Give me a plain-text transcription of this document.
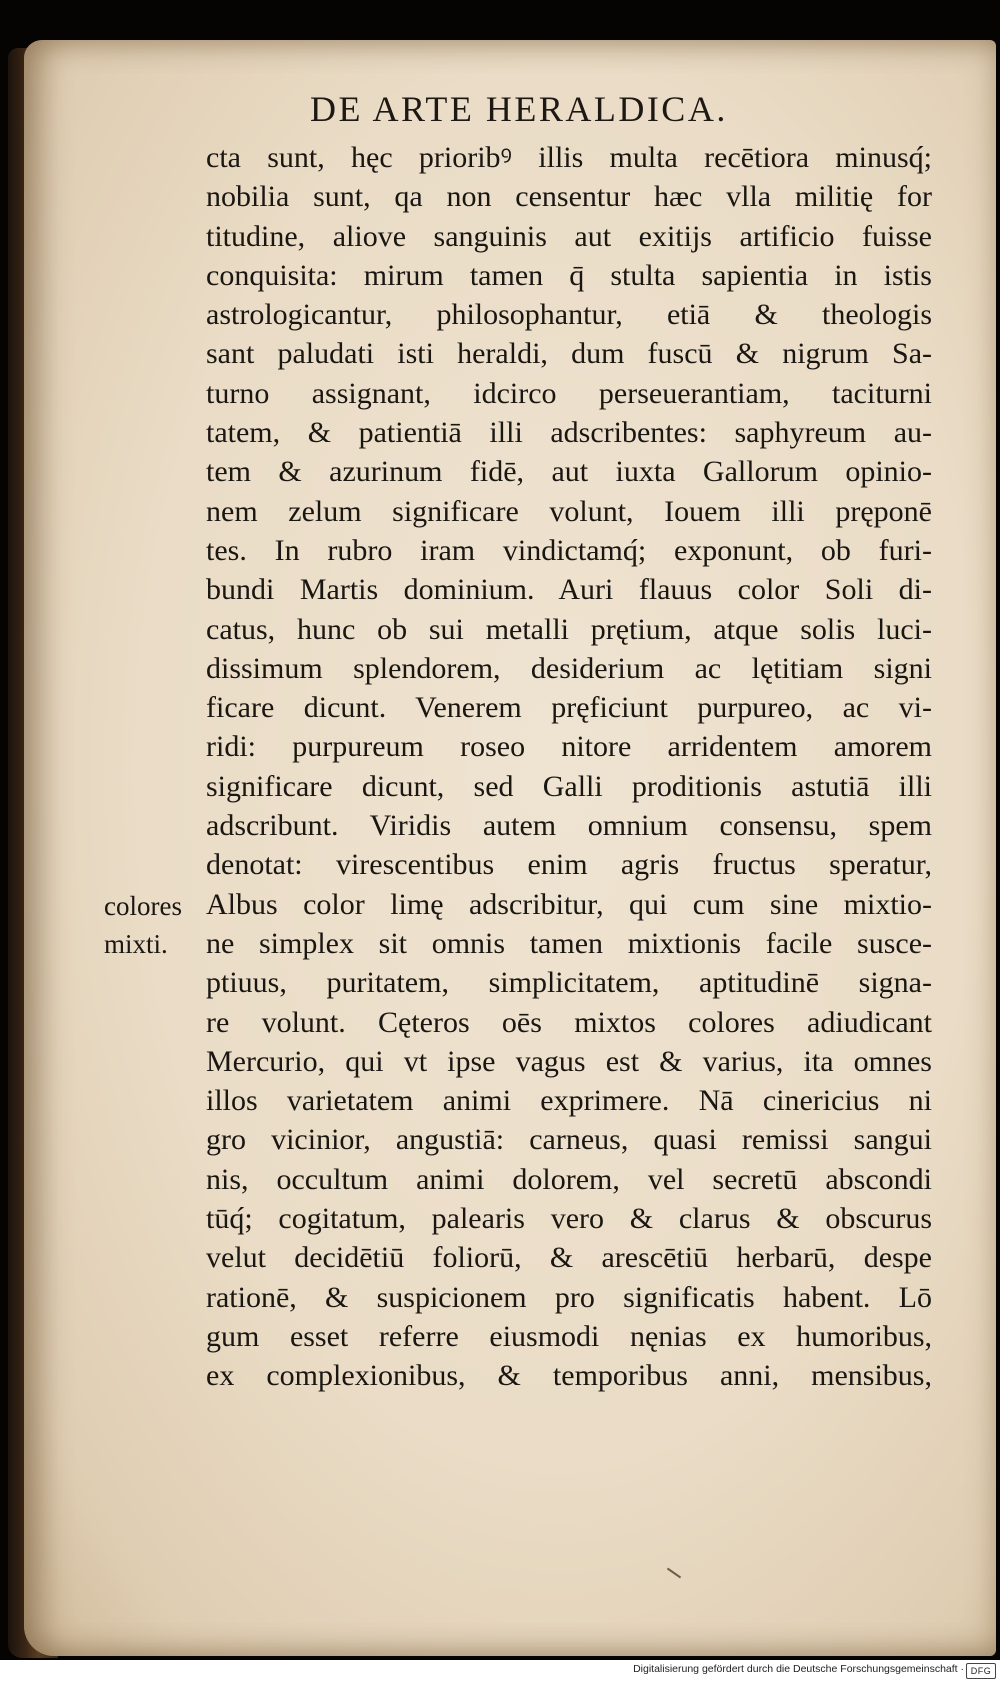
DE ARTE HERALDICA.
cta sunt, hęc prioribꝰ illis multa recētiora minusq́;
nobilia sunt, qa non censentur hæc vlla militię for
titudine, aliove sanguinis aut exitijs artificio fuisse
conquisita: mirum tamen q̄ stulta sapientia in istis
astrologicantur, philosophantur, etiā & theologis
sant paludati isti heraldi, dum fuscū & nigrum Sa-
turno assignant, idcirco perseuerantiam, taciturni
tatem, & patientiā illi adscribentes: saphyreum au-
tem & azurinum fidē, aut iuxta Gallorum opinio-
nem zelum significare volunt, Iouem illi pręponē
tes. In rubro iram vindictamq́; exponunt, ob furi-
bundi Martis dominium. Auri flauus color Soli di-
catus, hunc ob sui metalli prętium, atque solis luci-
dissimum splendorem, desiderium ac lętitiam signi
ficare dicunt. Venerem pręficiunt purpureo, ac vi-
ridi: purpureum roseo nitore arridentem amorem
significare dicunt, sed Galli proditionis astutiā illi
adscribunt. Viridis autem omnium consensu, spem
denotat: virescentibus enim agris fructus speratur,
Albus color limę adscribitur, qui cum sine mixtio-
ne simplex sit omnis tamen mixtionis facile susce-
ptiuus, puritatem, simplicitatem, aptitudinē signa-
re volunt. Cęteros oēs mixtos colores adiudicant
Mercurio, qui vt ipse vagus est & varius, ita omnes
illos varietatem animi exprimere. Nā cinericius ni
gro vicinior, angustiā: carneus, quasi remissi sangui
nis, occultum animi dolorem, vel secretū abscondi
tūq́; cogitatum, palearis vero & clarus & obscurus
velut decidētiū foliorū, & arescētiū herbarū, despe
rationē, & suspicionem pro significatis habent. Lō
gum esset referre eiusmodi nęnias ex humoribus,
ex complexionibus, & temporibus anni, mensibus,
colores
mixti.
Digitalisierung gefördert durch die Deutsche Forschungsgemeinschaft · DFG
